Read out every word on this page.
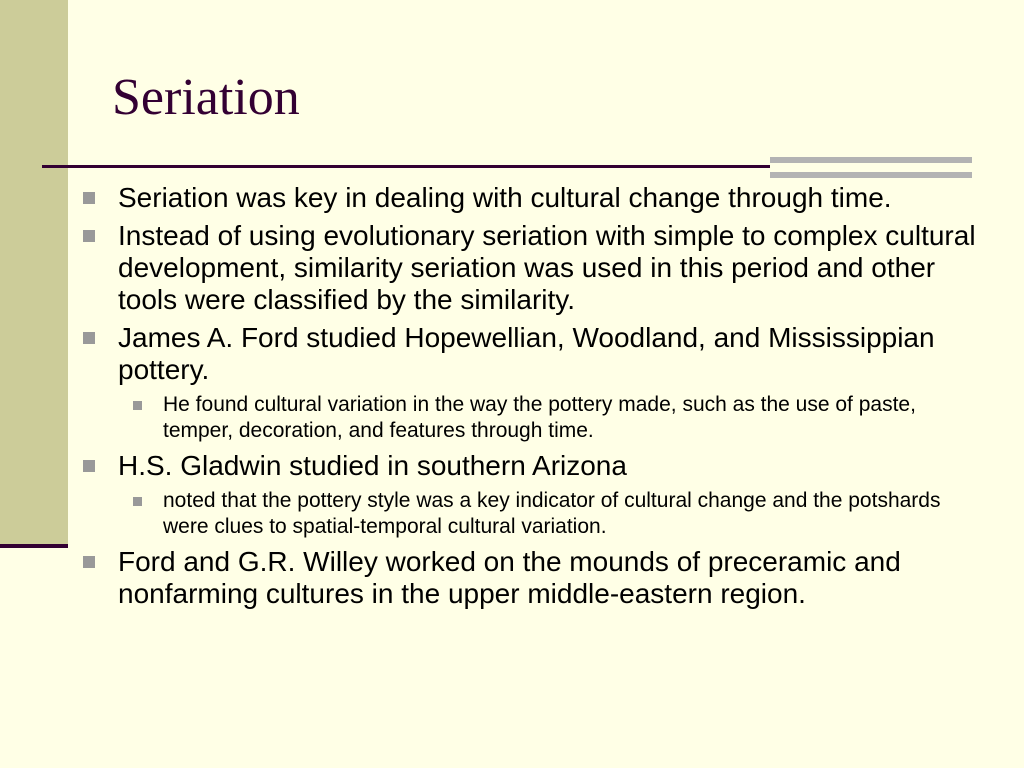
Seriation
Seriation was key in dealing with cultural change through time.
Instead of using evolutionary seriation with simple to complex cultural development, similarity seriation was used in this period and other tools were classified by the similarity.
James A. Ford studied Hopewellian, Woodland, and Mississippian pottery.
He found cultural variation in the way the pottery made, such as the use of paste, temper, decoration, and features through time.
H.S. Gladwin studied in southern Arizona
noted that the pottery style was a key indicator of cultural change and the potshards were clues to spatial-temporal cultural variation.
Ford and G.R. Willey worked on the mounds of preceramic and nonfarming cultures in the upper middle-eastern region.
